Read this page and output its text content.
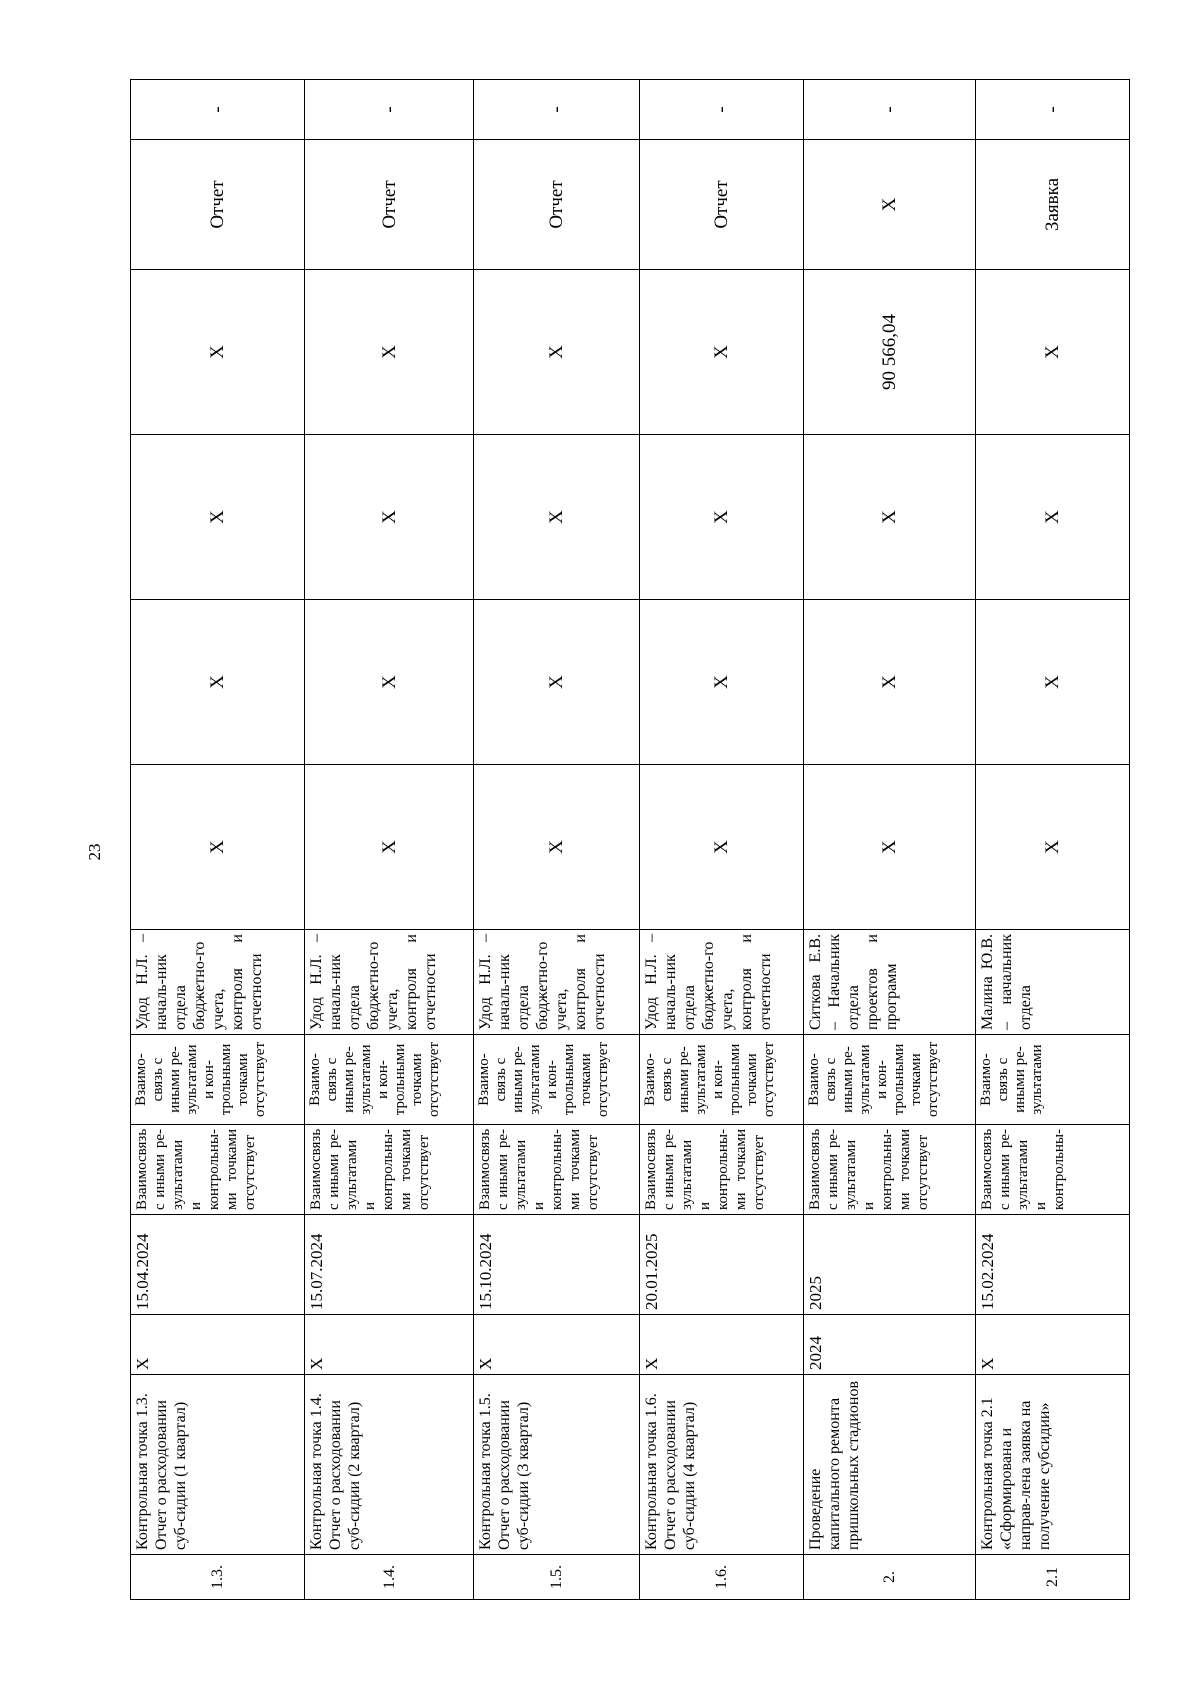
23
1.3.	Контрольная точка 1.3. Отчет о расходовании суб-сидии (1 квартал)	X	15.04.2024	Взаимосвязь с иными ре-зультатами и контрольны-ми точками отсутствует	Взаимо-связь с иными ре-зультатами и кон-трольными точками отсутствует	Удод Н.Л. – началь-ник отдела бюджетно-го учета, контроля и отчетности	X	X	X	X	Отчет	-
1.4.	Контрольная точка 1.4. Отчет о расходовании суб-сидии (2 квартал)	X	15.07.2024	Взаимосвязь с иными ре-зультатами и контрольны-ми точками отсутствует	Взаимо-связь с иными ре-зультатами и кон-трольными точками отсутствует	Удод Н.Л. – началь-ник отдела бюджетно-го учета, контроля и отчетности	X	X	X	X	Отчет	-
1.5.	Контрольная точка 1.5. Отчет о расходовании суб-сидии (3 квартал)	X	15.10.2024	Взаимосвязь с иными ре-зультатами и контрольны-ми точками отсутствует	Взаимо-связь с иными ре-зультатами и кон-трольными точками отсутствует	Удод Н.Л. – началь-ник отдела бюджетно-го учета, контроля и отчетности	X	X	X	X	Отчет	-
1.6.	Контрольная точка 1.6. Отчет о расходовании суб-сидии (4 квартал)	X	20.01.2025	Взаимосвязь с иными ре-зультатами и контрольны-ми точками отсутствует	Взаимо-связь с иными ре-зультатами и кон-трольными точками отсутствует	Удод Н.Л. – началь-ник отдела бюджетно-го учета, контроля и отчетности	X	X	X	X	Отчет	-
2.	Проведение капитального ремонта пришкольных стадионов	2024	2025	Взаимосвязь с иными ре-зультатами и контрольны-ми точками отсутствует	Взаимо-связь с иными ре-зультатами и кон-трольными точками отсутствует	Ситкова Е.В. – Начальник отдела проектов и программ	X	X	X	90 566,04	X	-
2.1	Контрольная точка 2.1 «Сформирована и направ-лена заявка на получение субсидии»	X	15.02.2024	Взаимосвязь с иными ре-зультатами и контрольны-	Взаимо-связь с иными ре-зультатами	Малина Ю.В. – начальник отдела	X	X	X	X	Заявка	-
